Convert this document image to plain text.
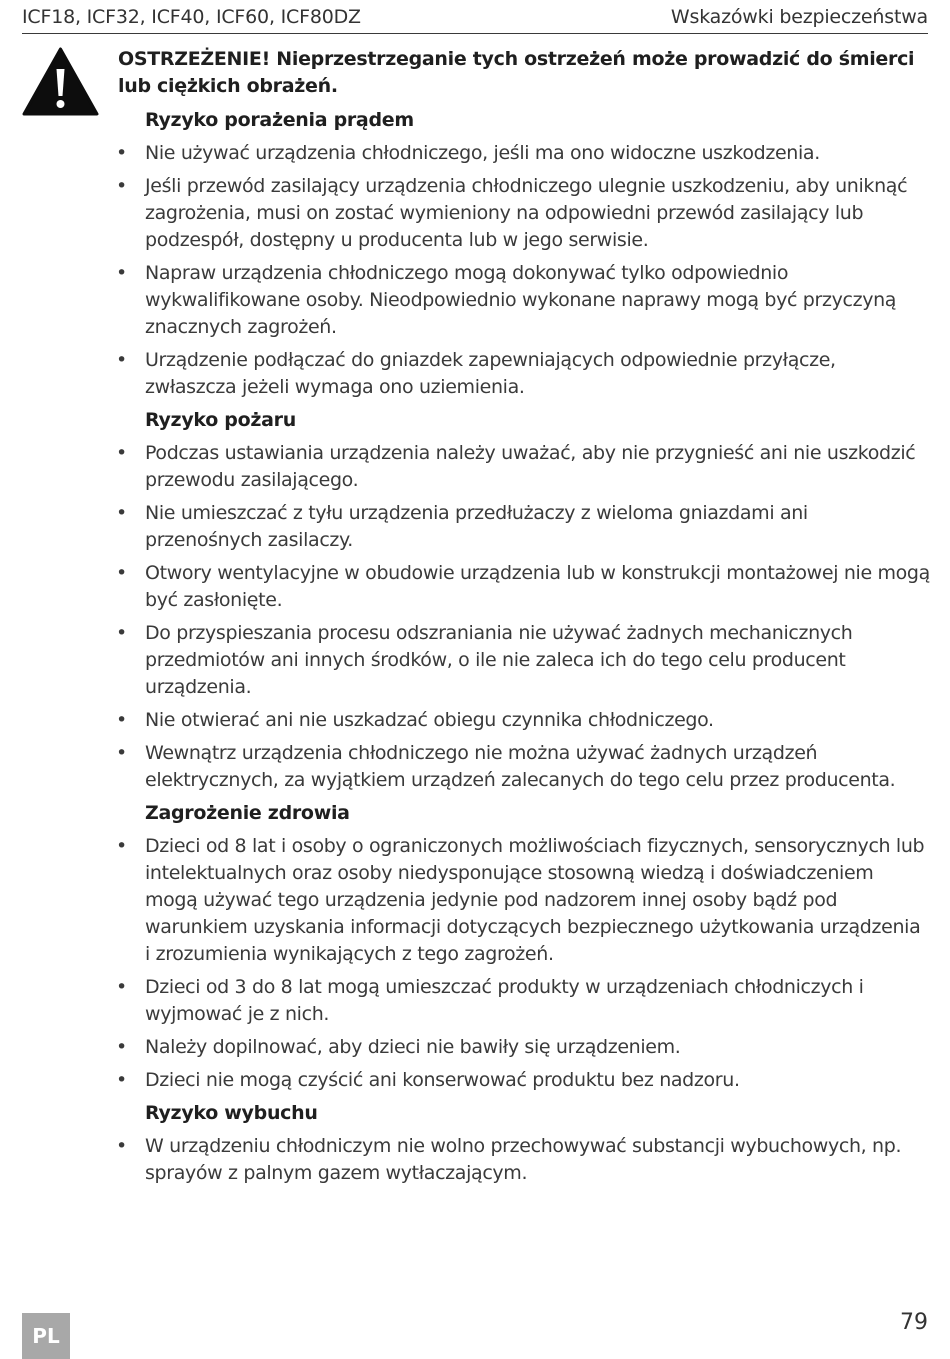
ICF18, ICF32, ICF40, ICF60, ICF80DZ	Wskazówki bezpieczeństwa
OSTRZEŻENIE! Nieprzestrzeganie tych ostrzeżeń może prowadzić do śmierci lub ciężkich obrażeń.
Ryzyko porażenia prądem
• Nie używać urządzenia chłodniczego, jeśli ma ono widoczne uszkodzenia.
• Jeśli przewód zasilający urządzenia chłodniczego ulegnie uszkodzeniu, aby uniknąć zagrożenia, musi on zostać wymieniony na odpowiedni przewód zasilający lub podzespół, dostępny u producenta lub w jego serwisie.
• Napraw urządzenia chłodniczego mogą dokonywać tylko odpowiednio wykwalifikowane osoby. Nieodpowiednio wykonane naprawy mogą być przyczyną znacznych zagrożeń.
• Urządzenie podłączać do gniazdek zapewniających odpowiednie przyłącze, zwłaszcza jeżeli wymaga ono uziemienia.
Ryzyko pożaru
• Podczas ustawiania urządzenia należy uważać, aby nie przygnieść ani nie uszkodzić przewodu zasilającego.
• Nie umieszczać z tyłu urządzenia przedłużaczy z wieloma gniazdami ani przenośnych zasilaczy.
• Otwory wentylacyjne w obudowie urządzenia lub w konstrukcji montażowej nie mogą być zasłonięte.
• Do przyspieszania procesu odszraniania nie używać żadnych mechanicznych przedmiotów ani innych środków, o ile nie zaleca ich do tego celu producent urządzenia.
• Nie otwierać ani nie uszkadzać obiegu czynnika chłodniczego.
• Wewnątrz urządzenia chłodniczego nie można używać żadnych urządzeń elektrycznych, za wyjątkiem urządzeń zalecanych do tego celu przez producenta.
Zagrożenie zdrowia
• Dzieci od 8 lat i osoby o ograniczonych możliwościach fizycznych, sensorycznych lub intelektualnych oraz osoby niedysponujące stosowną wiedzą i doświadczeniem mogą używać tego urządzenia jedynie pod nadzorem innej osoby bądź pod warunkiem uzyskania informacji dotyczących bezpiecznego użytkowania urządzenia i zrozumienia wynikających z tego zagrożeń.
• Dzieci od 3 do 8 lat mogą umieszczać produkty w urządzeniach chłodniczych i wyjmować je z nich.
• Należy dopilnować, aby dzieci nie bawiły się urządzeniem.
• Dzieci nie mogą czyścić ani konserwować produktu bez nadzoru.
Ryzyko wybuchu
• W urządzeniu chłodniczym nie wolno przechowywać substancji wybuchowych, np. sprayów z palnym gazem wytłaczającym.
PL
79
